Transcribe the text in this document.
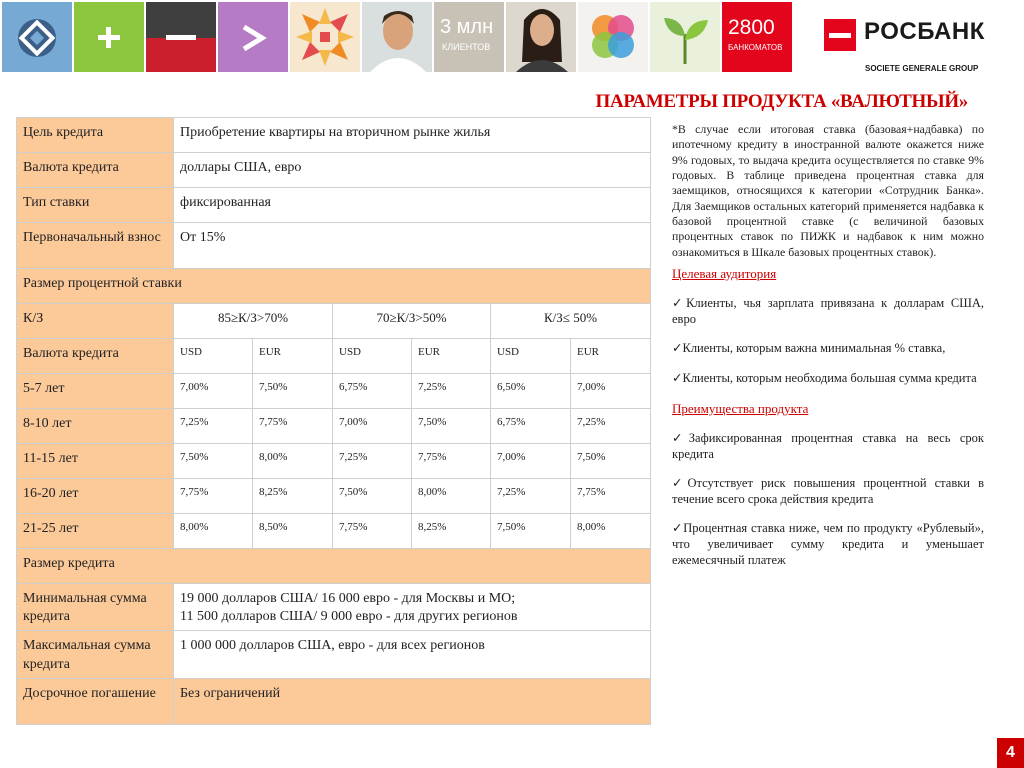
3 млн
КЛИЕНТОВ
2800
БАНКОМАТОВ
РОСБАНК
SOCIETE GENERALE GROUP
ПАРАМЕТРЫ ПРОДУКТА «ВАЛЮТНЫЙ»
Цель кредита	Приобретение квартиры на вторичном рынке жилья					
Валюта кредита	доллары США, евро					
Тип ставки	фиксированная					
Первоначальный взнос	От 15%					
Размер процентной ставки						
К/З	85≥К/З>70%		70≥К/З>50%		К/З≤ 50%	
Валюта кредита	USD	EUR	USD	EUR	USD	EUR
5-7 лет	7,00%	7,50%	6,75%	7,25%	6,50%	7,00%
8-10 лет	7,25%	7,75%	7,00%	7,50%	6,75%	7,25%
11-15 лет	7,50%	8,00%	7,25%	7,75%	7,00%	7,50%
16-20 лет	7,75%	8,25%	7,50%	8,00%	7,25%	7,75%
21-25 лет	8,00%	8,50%	7,75%	8,25%	7,50%	8,00%
Размер кредита						
Минимальная сумма кредита	19 000 долларов США/ 16 000 евро - для Москвы и МО;
11 500 долларов США/ 9 000 евро - для других регионов					

Максимальная сумма кредита	1 000 000 долларов США, евро - для всех регионов					
Досрочное погашение	Без ограничений					

*В случае если итоговая ставка (базовая+надбавка) по ипотечному кредиту в иностранной валюте окажется ниже 9% годовых, то выдача кредита осуществляется по ставке 9% годовых. В таблице приведена процентная ставка для заемщиков, относящихся к категории «Сотрудник Банка». Для Заемщиков остальных категорий применяется надбавка к базовой процентной ставке (с величиной базовых процентных ставок по ПИЖК и надбавок к ним можно ознакомиться в Шкале базовых процентных ставок).

Целевая аудитория

✓Клиенты, чья зарплата привязана к долларам США, евро

✓Клиенты, которым важна минимальная % ставка,

✓Клиенты, которым необходима большая сумма кредита

Преимущества продукта

✓Зафиксированная процентная ставка на весь срок кредита

✓Отсутствует риск повышения процентной ставки в течение всего срока действия кредита

✓Процентная ставка ниже, чем по продукту «Рублевый», что увеличивает сумму кредита и уменьшает ежемесячный платеж

4
